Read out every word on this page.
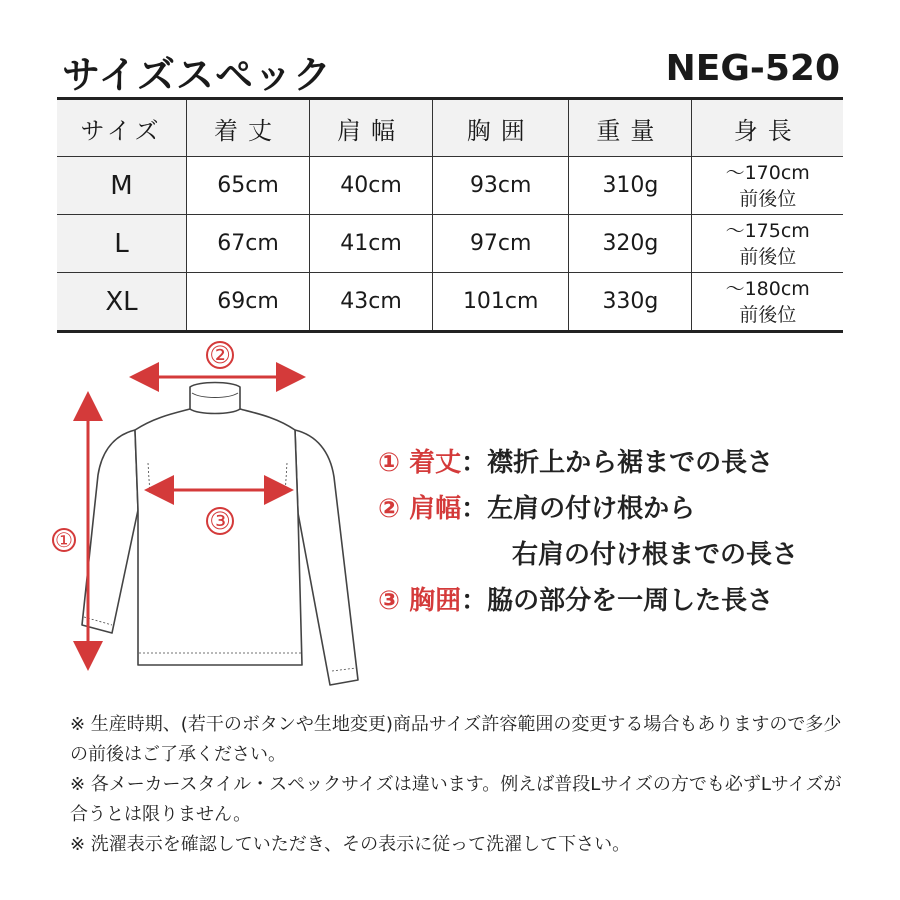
サイズスペック	NEG-520
サイズ	着丈	肩幅	胸囲	重量	身長
M	65cm	40cm	93cm	310g	～170cm
前後位

L	67cm	41cm	97cm	320g	～175cm
前後位

XL	69cm	43cm	101cm	330g	～180cm
前後位
①
②
③
① 着丈：襟折上から裾までの長さ
② 肩幅：左肩の付け根から
右肩の付け根までの長さ
③ 胸囲：脇の部分を一周した長さ

※ 生産時期、(若干のボタンや生地変更)商品サイズ許容範囲の変更する場合もありますので多少の前後はご了承ください。

※ 各メーカースタイル・スペックサイズは違います。例えば普段Lサイズの方でも必ずLサイズが合うとは限りません。

※ 洗濯表示を確認していただき、その表示に従って洗濯して下さい。
